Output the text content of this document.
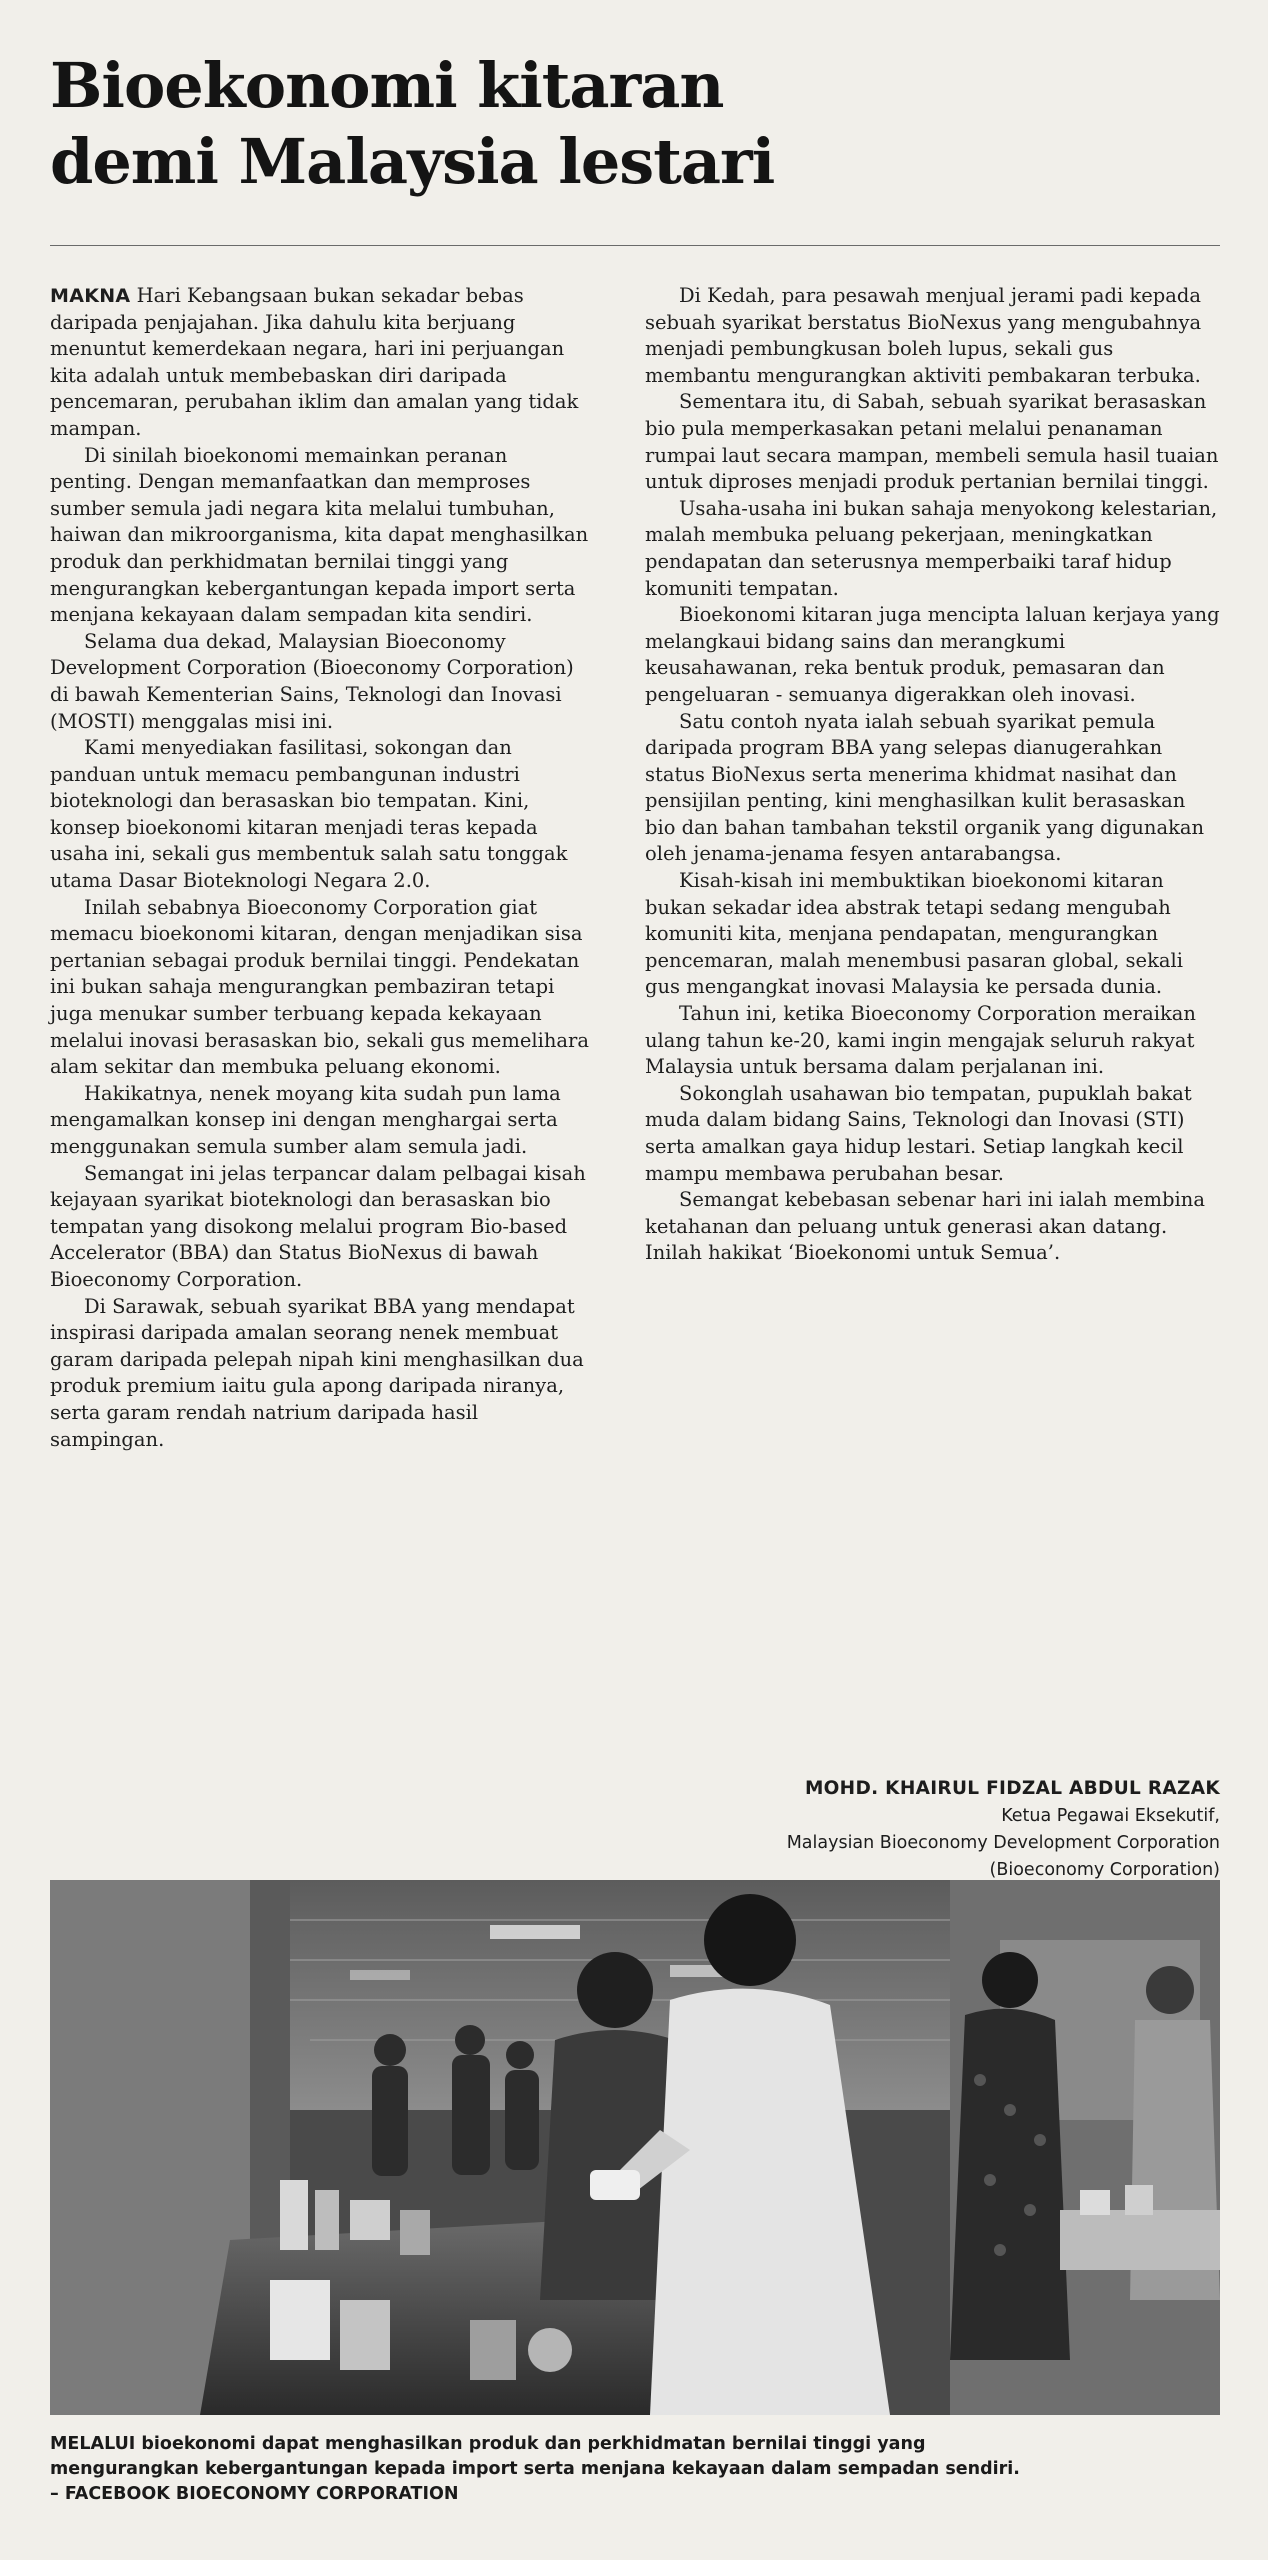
Bioekonomi kitaran
demi Malaysia lestari

MAKNA Hari Kebangsaan bukan sekadar bebas daripada penjajahan. Jika dahulu kita berjuang menuntut kemerdekaan negara, hari ini perjuangan kita adalah untuk membebaskan diri daripada pencemaran, perubahan iklim dan amalan yang tidak mampan.

Di sinilah bioekonomi memainkan peranan penting. Dengan memanfaatkan dan memproses sumber semula jadi negara kita melalui tumbuhan, haiwan dan mikroorganisma, kita dapat menghasilkan produk dan perkhidmatan bernilai tinggi yang mengurangkan kebergantungan kepada import serta menjana kekayaan dalam sempadan kita sendiri.

Selama dua dekad, Malaysian Bioeconomy Development Corporation (Bioeconomy Corporation) di bawah Kementerian Sains, Teknologi dan Inovasi (MOSTI) menggalas misi ini.

Kami menyediakan fasilitasi, sokongan dan panduan untuk memacu pembangunan industri bioteknologi dan berasaskan bio tempatan. Kini, konsep bioekonomi kitaran menjadi teras kepada usaha ini, sekali gus membentuk salah satu tonggak utama Dasar Bioteknologi Negara 2.0.

Inilah sebabnya Bioeconomy Corporation giat memacu bioekonomi kitaran, dengan menjadikan sisa pertanian sebagai produk bernilai tinggi. Pendekatan ini bukan sahaja mengurangkan pembaziran tetapi juga menukar sumber terbuang kepada kekayaan melalui inovasi berasaskan bio, sekali gus memelihara alam sekitar dan membuka peluang ekonomi.

Hakikatnya, nenek moyang kita sudah pun lama mengamalkan konsep ini dengan menghargai serta menggunakan semula sumber alam semula jadi.

Semangat ini jelas terpancar dalam pelbagai kisah kejayaan syarikat bioteknologi dan berasaskan bio tempatan yang disokong melalui program Bio-based Accelerator (BBA) dan Status BioNexus di bawah Bioeconomy Corporation.

Di Sarawak, sebuah syarikat BBA yang mendapat inspirasi daripada amalan seorang nenek membuat garam daripada pelepah nipah kini menghasilkan dua produk premium iaitu gula apong daripada niranya, serta garam rendah natrium daripada hasil sampingan.

Di Kedah, para pesawah menjual jerami padi kepada sebuah syarikat berstatus BioNexus yang mengubahnya menjadi pembungkusan boleh lupus, sekali gus membantu mengurangkan aktiviti pembakaran terbuka.

Sementara itu, di Sabah, sebuah syarikat berasaskan bio pula memperkasakan petani melalui penanaman rumpai laut secara mampan, membeli semula hasil tuaian untuk diproses menjadi produk pertanian bernilai tinggi.

Usaha-usaha ini bukan sahaja menyokong kelestarian, malah membuka peluang pekerjaan, meningkatkan pendapatan dan seterusnya memperbaiki taraf hidup komuniti tempatan.

Bioekonomi kitaran juga mencipta laluan kerjaya yang melangkaui bidang sains dan merangkumi keusahawanan, reka bentuk produk, pemasaran dan pengeluaran - semuanya digerakkan oleh inovasi.

Satu contoh nyata ialah sebuah syarikat pemula daripada program BBA yang selepas dianugerahkan status BioNexus serta menerima khidmat nasihat dan pensijilan penting, kini menghasilkan kulit berasaskan bio dan bahan tambahan tekstil organik yang digunakan oleh jenama-jenama fesyen antarabangsa.

Kisah-kisah ini membuktikan bioekonomi kitaran bukan sekadar idea abstrak tetapi sedang mengubah komuniti kita, menjana pendapatan, mengurangkan pencemaran, malah menembusi pasaran global, sekali gus mengangkat inovasi Malaysia ke persada dunia.

Tahun ini, ketika Bioeconomy Corporation meraikan ulang tahun ke-20, kami ingin mengajak seluruh rakyat Malaysia untuk bersama dalam perjalanan ini.

Sokonglah usahawan bio tempatan, pupuklah bakat muda dalam bidang Sains, Teknologi dan Inovasi (STI) serta amalkan gaya hidup lestari. Setiap langkah kecil mampu membawa perubahan besar.

Semangat kebebasan sebenar hari ini ialah membina ketahanan dan peluang untuk generasi akan datang. Inilah hakikat ‘Bioekonomi untuk Semua’.

MOHD. KHAIRUL FIDZAL ABDUL RAZAK
Ketua Pegawai Eksekutif,
Malaysian Bioeconomy Development Corporation
(Bioeconomy Corporation)
MELALUI bioekonomi dapat menghasilkan produk dan perkhidmatan bernilai tinggi yang
mengurangkan kebergantungan kepada import serta menjana kekayaan dalam sempadan sendiri.
– FACEBOOK BIOECONOMY CORPORATION
